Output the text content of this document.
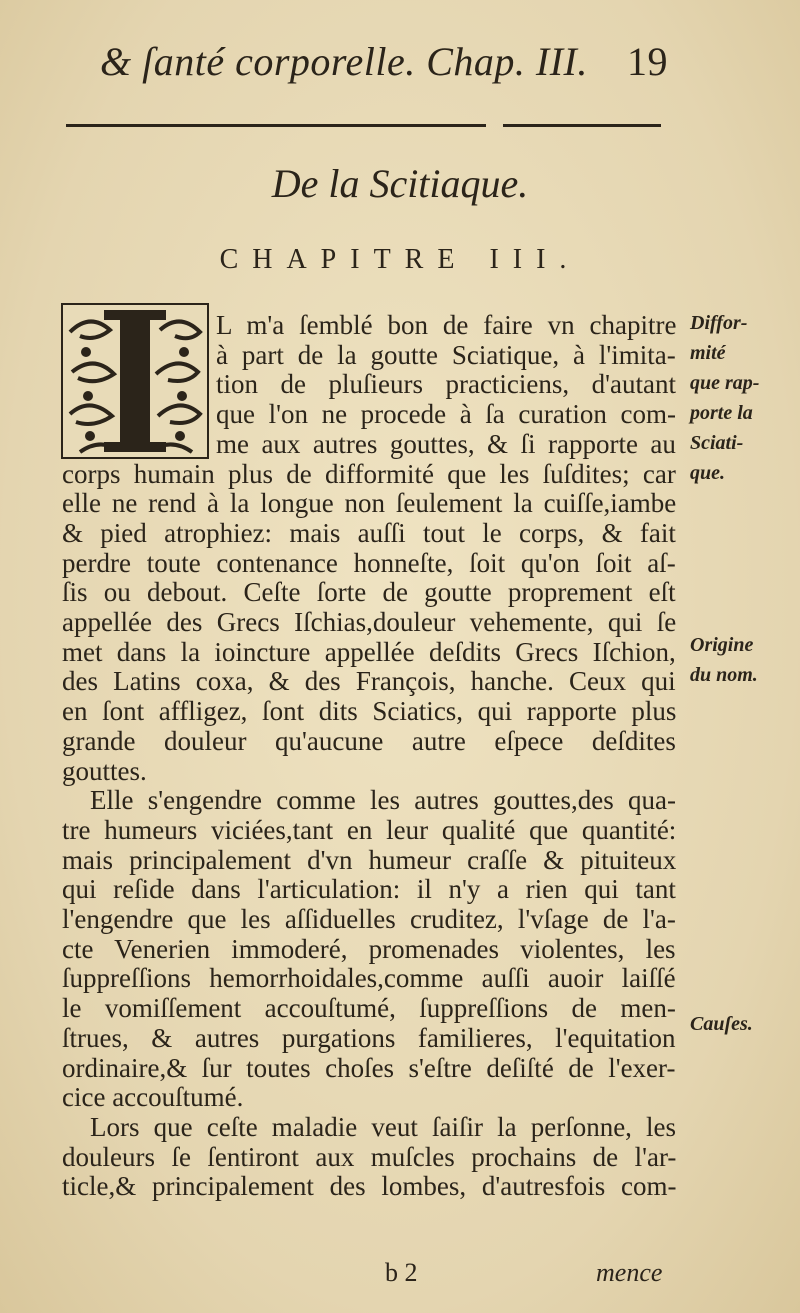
& ſanté corporelle. Chap. III. 19
De la Scitiaque.
CHAPITRE III.
L m'a ſemblé bon de faire vn chapitre
à part de la goutte Sciatique, à l'imita-
tion de pluſieurs practiciens, d'autant
que l'on ne procede à ſa curation com-
me aux autres gouttes, & ſi rapporte au
corps humain plus de difformité que les ſuſdites; car
elle ne rend à la longue non ſeulement la cuiſſe,iambe
& pied atrophiez: mais auſſi tout le corps, & fait
perdre toute contenance honneſte, ſoit qu'on ſoit aſ-
ſis ou debout. Ceſte ſorte de goutte proprement eſt
appellée des Grecs Iſchias,douleur vehemente, qui ſe
met dans la ioincture appellée deſdits Grecs Iſchion,
des Latins coxa, & des François, hanche. Ceux qui
en ſont affligez, ſont dits Sciatics, qui rapporte plus
grande douleur qu'aucune autre eſpece deſdites
gouttes.
Elle s'engendre comme les autres gouttes,des qua-
tre humeurs viciées,tant en leur qualité que quantité:
mais principalement d'vn humeur craſſe & pituiteux
qui reſide dans l'articulation: il n'y a rien qui tant
l'engendre que les aſſiduelles cruditez, l'vſage de l'a-
cte Venerien immoderé, promenades violentes, les
ſuppreſſions hemorrhoidales,comme auſſi auoir laiſſé
le vomiſſement accouſtumé, ſuppreſſions de men-
ſtrues, & autres purgations familieres, l'equitation
ordinaire,& ſur toutes choſes s'eſtre deſiſté de l'exer-
cice accouſtumé.
Lors que ceſte maladie veut ſaiſir la perſonne, les
douleurs ſe ſentiront aux muſcles prochains de l'ar-
ticle,& principalement des lombes, d'autresfois com-
Diffor-
mité
que rap-
porte la
Sciati-
que.
Origine
du nom.
Cauſes.
b 2	mence
